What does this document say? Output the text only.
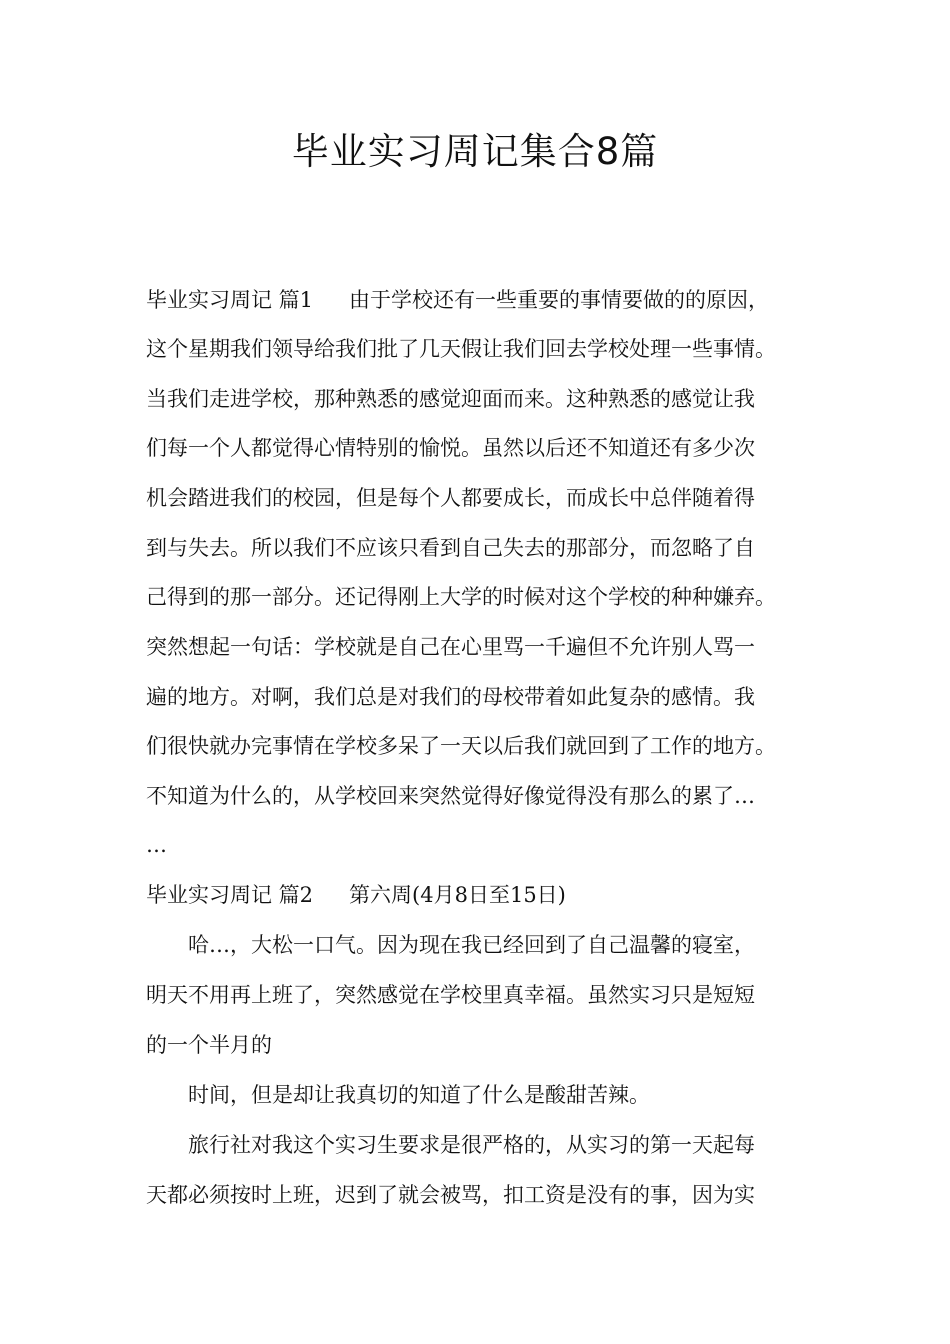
毕业实习周记集合8篇
毕业实习周记 篇1 由于学校还有一些重要的事情要做的的原因，
这个星期我们领导给我们批了几天假让我们回去学校处理一些事情。
当我们走进学校，那种熟悉的感觉迎面而来。这种熟悉的感觉让我
们每一个人都觉得心情特别的愉悦。虽然以后还不知道还有多少次
机会踏进我们的校园，但是每个人都要成长，而成长中总伴随着得
到与失去。所以我们不应该只看到自己失去的那部分，而忽略了自
己得到的那一部分。还记得刚上大学的时候对这个学校的种种嫌弃。
突然想起一句话：学校就是自己在心里骂一千遍但不允许别人骂一
遍的地方。对啊，我们总是对我们的母校带着如此复杂的感情。我
们很快就办完事情在学校多呆了一天以后我们就回到了工作的地方。
不知道为什么的，从学校回来突然觉得好像觉得没有那么的累了…
…
毕业实习周记 篇2 第六周(4月8日至15日)
哈…，大松一口气。因为现在我已经回到了自己温馨的寝室，
明天不用再上班了，突然感觉在学校里真幸福。虽然实习只是短短
的一个半月的
时间，但是却让我真切的知道了什么是酸甜苦辣。
旅行社对我这个实习生要求是很严格的，从实习的第一天起每
天都必须按时上班，迟到了就会被骂，扣工资是没有的事，因为实
